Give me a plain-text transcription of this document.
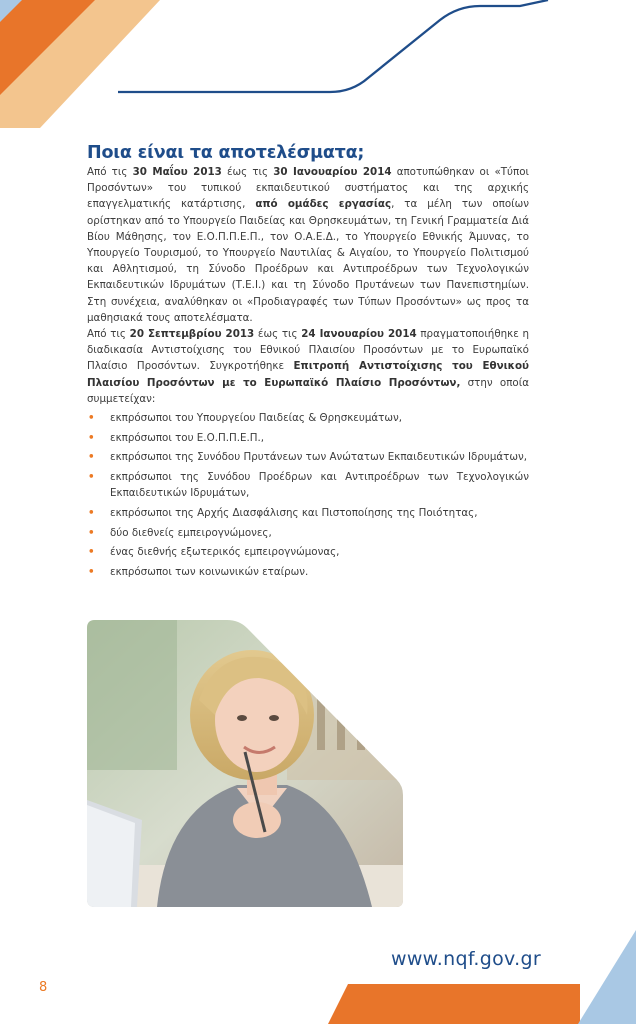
Ποια είναι τα αποτελέσματα;

Από τις 30 Μαΐου 2013 έως τις 30 Ιανουαρίου 2014 αποτυπώθηκαν οι «Τύποι Προσόντων» του τυπικού εκπαιδευτικού συστήματος και της αρχικής επαγγελματικής κατάρτισης, από ομάδες εργασίας, τα μέλη των οποίων ορίστηκαν από το Υπουργείο Παιδείας και Θρησκευμάτων, τη Γενική Γραμματεία Διά Βίου Μάθησης, τον Ε.Ο.Π.Π.Ε.Π., τον Ο.Α.Ε.Δ., το Υπουργείο Εθνικής Άμυνας, το Υπουργείο Τουρισμού, το Υπουργείο Ναυτιλίας & Αιγαίου, το Υπουργείο Πολιτισμού και Αθλητισμού, τη Σύνοδο Προέδρων και Αντιπροέδρων των Τεχνολογικών Εκπαιδευτικών Ιδρυμάτων (Τ.Ε.Ι.) και τη Σύνοδο Πρυτάνεων των Πανεπιστημίων. Στη συνέχεια, αναλύθηκαν οι «Προδιαγραφές των Τύπων Προσόντων» ως προς τα μαθησιακά τους αποτελέσματα.

Από τις 20 Σεπτεμβρίου 2013 έως τις 24 Ιανουαρίου 2014 πραγματοποιήθηκε η διαδικασία Αντιστοίχισης του Εθνικού Πλαισίου Προσόντων με το Ευρωπαϊκό Πλαίσιο Προσόντων. Συγκροτήθηκε Επιτροπή Αντιστοίχισης του Εθνικού Πλαισίου Προσόντων με το Ευρωπαϊκό Πλαίσιο Προσόντων, στην οποία συμμετείχαν:

• εκπρόσωποι του Υπουργείου Παιδείας & Θρησκευμάτων,
• εκπρόσωποι του Ε.Ο.Π.Π.Ε.Π.,
• εκπρόσωποι της Συνόδου Πρυτάνεων των Ανώτατων Εκπαιδευτικών Ιδρυμάτων,
• εκπρόσωποι της Συνόδου Προέδρων και Αντιπροέδρων των Τεχνολογικών Εκπαιδευτικών Ιδρυμάτων,
• εκπρόσωποι της Αρχής Διασφάλισης και Πιστοποίησης της Ποιότητας,
• δύο διεθνείς εμπειρογνώμονες,
• ένας διεθνής εξωτερικός εμπειρογνώμονας,
• εκπρόσωποι των κοινωνικών εταίρων.
www.nqf.gov.gr
8
